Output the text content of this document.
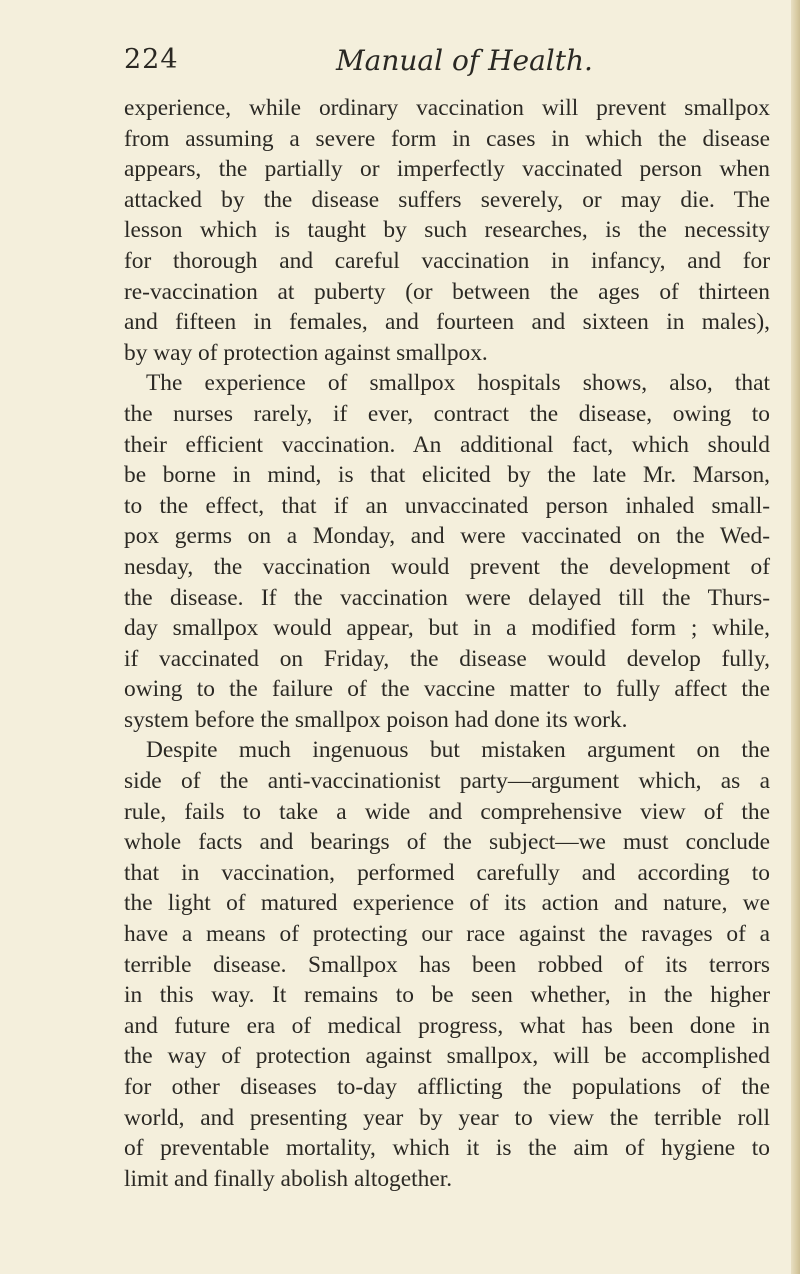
224	Manual of Health.
experience, while ordinary vaccination will prevent smallpox
from assuming a severe form in cases in which the disease
appears, the partially or imperfectly vaccinated person when
attacked by the disease suffers severely, or may die. The
lesson which is taught by such researches, is the necessity
for thorough and careful vaccination in infancy, and for
re-vaccination at puberty (or between the ages of thirteen
and fifteen in females, and fourteen and sixteen in males),
by way of protection against smallpox.
The experience of smallpox hospitals shows, also, that
the nurses rarely, if ever, contract the disease, owing to
their efficient vaccination. An additional fact, which should
be borne in mind, is that elicited by the late Mr. Marson,
to the effect, that if an unvaccinated person inhaled small-
pox germs on a Monday, and were vaccinated on the Wed-
nesday, the vaccination would prevent the development of
the disease. If the vaccination were delayed till the Thurs-
day smallpox would appear, but in a modified form ; while,
if vaccinated on Friday, the disease would develop fully,
owing to the failure of the vaccine matter to fully affect the
system before the smallpox poison had done its work.
Despite much ingenuous but mistaken argument on the
side of the anti-vaccinationist party—argument which, as a
rule, fails to take a wide and comprehensive view of the
whole facts and bearings of the subject—we must conclude
that in vaccination, performed carefully and according to
the light of matured experience of its action and nature, we
have a means of protecting our race against the ravages of a
terrible disease. Smallpox has been robbed of its terrors
in this way. It remains to be seen whether, in the higher
and future era of medical progress, what has been done in
the way of protection against smallpox, will be accomplished
for other diseases to-day afflicting the populations of the
world, and presenting year by year to view the terrible roll
of preventable mortality, which it is the aim of hygiene to
limit and finally abolish altogether.
